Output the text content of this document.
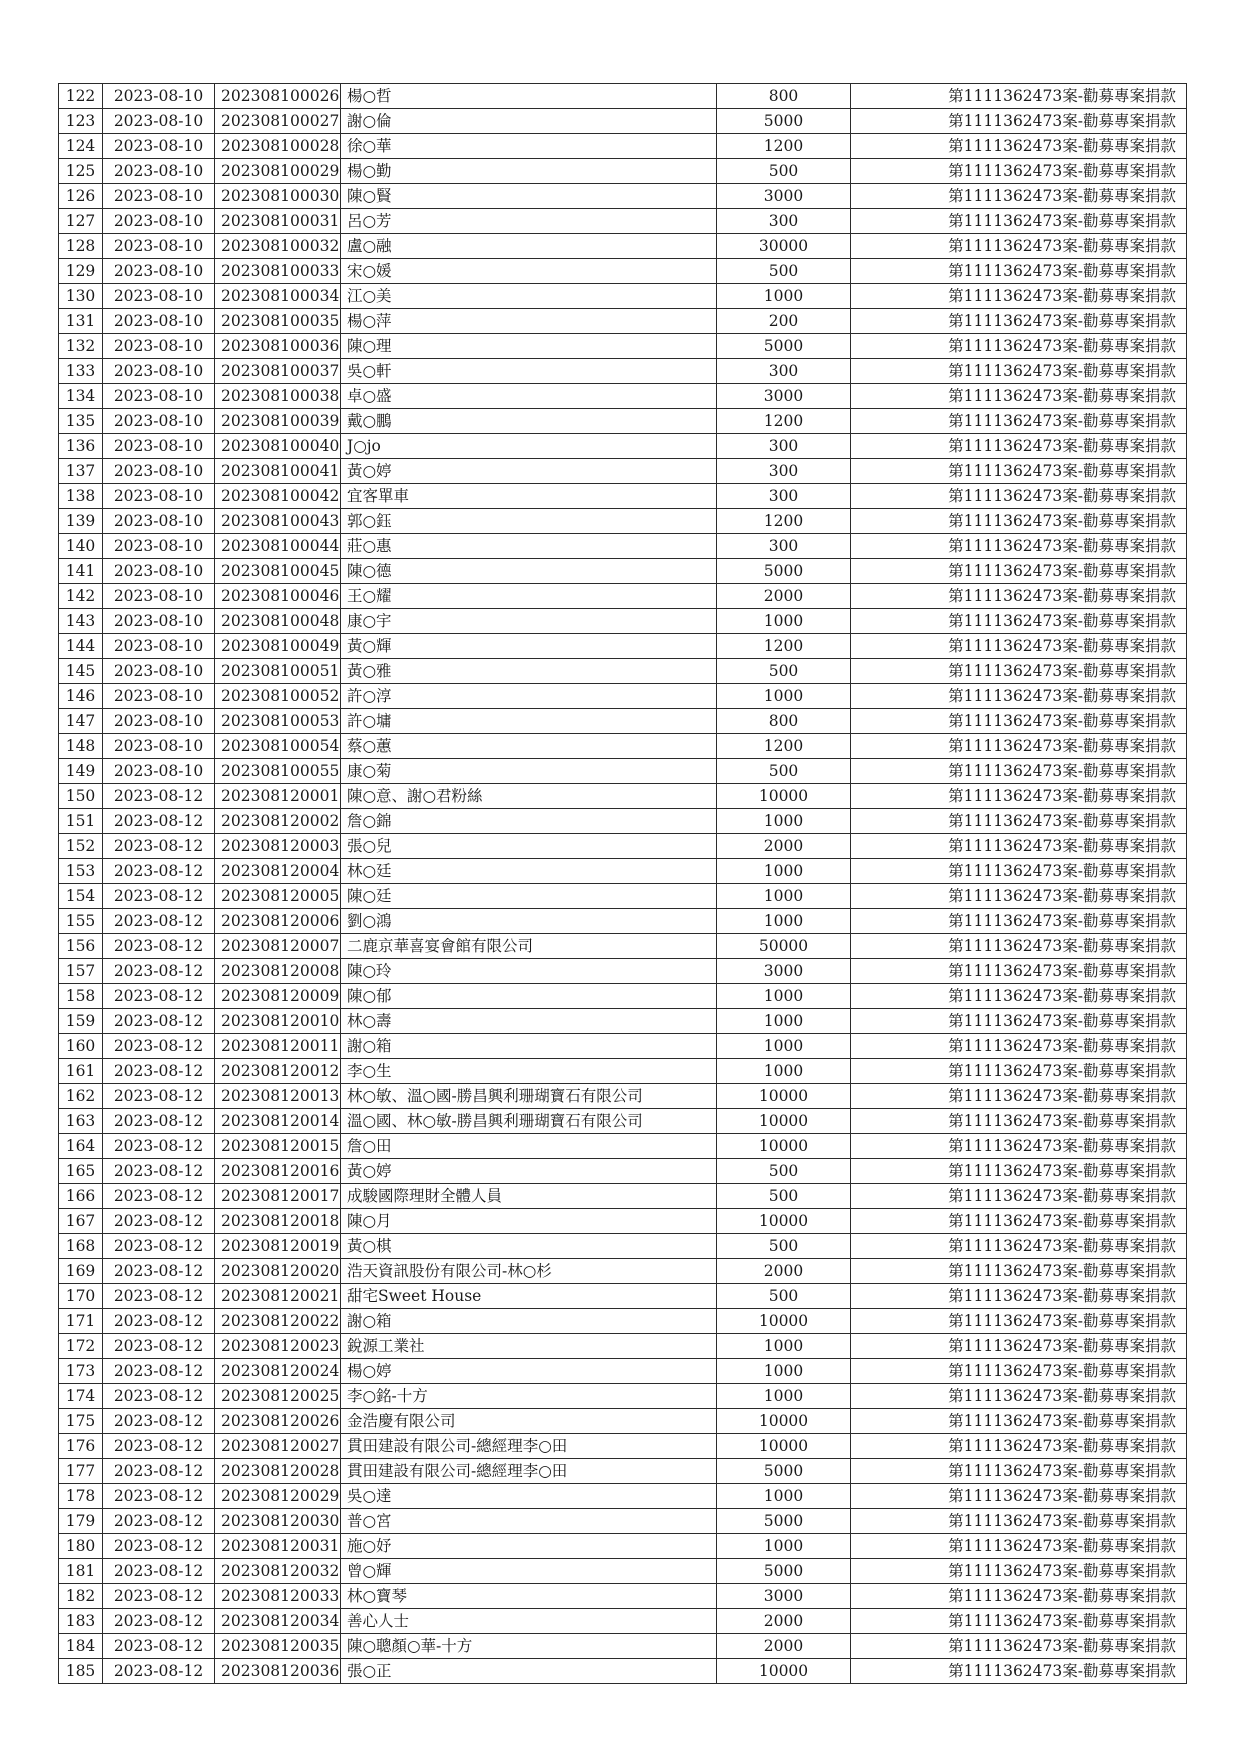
122	2023-08-10	202308100026	楊○哲	800	第1111362473案-勸募專案捐款
123	2023-08-10	202308100027	謝○倫	5000	第1111362473案-勸募專案捐款
124	2023-08-10	202308100028	徐○華	1200	第1111362473案-勸募專案捐款
125	2023-08-10	202308100029	楊○勤	500	第1111362473案-勸募專案捐款
126	2023-08-10	202308100030	陳○賢	3000	第1111362473案-勸募專案捐款
127	2023-08-10	202308100031	呂○芳	300	第1111362473案-勸募專案捐款
128	2023-08-10	202308100032	盧○融	30000	第1111362473案-勸募專案捐款
129	2023-08-10	202308100033	宋○媛	500	第1111362473案-勸募專案捐款
130	2023-08-10	202308100034	江○美	1000	第1111362473案-勸募專案捐款
131	2023-08-10	202308100035	楊○萍	200	第1111362473案-勸募專案捐款
132	2023-08-10	202308100036	陳○理	5000	第1111362473案-勸募專案捐款
133	2023-08-10	202308100037	吳○軒	300	第1111362473案-勸募專案捐款
134	2023-08-10	202308100038	卓○盛	3000	第1111362473案-勸募專案捐款
135	2023-08-10	202308100039	戴○鵬	1200	第1111362473案-勸募專案捐款
136	2023-08-10	202308100040	J○jo	300	第1111362473案-勸募專案捐款
137	2023-08-10	202308100041	黃○婷	300	第1111362473案-勸募專案捐款
138	2023-08-10	202308100042	宜客單車	300	第1111362473案-勸募專案捐款
139	2023-08-10	202308100043	郭○鈺	1200	第1111362473案-勸募專案捐款
140	2023-08-10	202308100044	莊○惠	300	第1111362473案-勸募專案捐款
141	2023-08-10	202308100045	陳○德	5000	第1111362473案-勸募專案捐款
142	2023-08-10	202308100046	王○耀	2000	第1111362473案-勸募專案捐款
143	2023-08-10	202308100048	康○宇	1000	第1111362473案-勸募專案捐款
144	2023-08-10	202308100049	黃○輝	1200	第1111362473案-勸募專案捐款
145	2023-08-10	202308100051	黃○雅	500	第1111362473案-勸募專案捐款
146	2023-08-10	202308100052	許○淳	1000	第1111362473案-勸募專案捐款
147	2023-08-10	202308100053	許○墉	800	第1111362473案-勸募專案捐款
148	2023-08-10	202308100054	蔡○蕙	1200	第1111362473案-勸募專案捐款
149	2023-08-10	202308100055	康○菊	500	第1111362473案-勸募專案捐款
150	2023-08-12	202308120001	陳○意、謝○君粉絲	10000	第1111362473案-勸募專案捐款
151	2023-08-12	202308120002	詹○錦	1000	第1111362473案-勸募專案捐款
152	2023-08-12	202308120003	張○兒	2000	第1111362473案-勸募專案捐款
153	2023-08-12	202308120004	林○廷	1000	第1111362473案-勸募專案捐款
154	2023-08-12	202308120005	陳○廷	1000	第1111362473案-勸募專案捐款
155	2023-08-12	202308120006	劉○鴻	1000	第1111362473案-勸募專案捐款
156	2023-08-12	202308120007	二鹿京華喜宴會館有限公司	50000	第1111362473案-勸募專案捐款
157	2023-08-12	202308120008	陳○玲	3000	第1111362473案-勸募專案捐款
158	2023-08-12	202308120009	陳○郁	1000	第1111362473案-勸募專案捐款
159	2023-08-12	202308120010	林○壽	1000	第1111362473案-勸募專案捐款
160	2023-08-12	202308120011	謝○箱	1000	第1111362473案-勸募專案捐款
161	2023-08-12	202308120012	李○生	1000	第1111362473案-勸募專案捐款
162	2023-08-12	202308120013	林○敏、溫○國-勝昌興利珊瑚寶石有限公司	10000	第1111362473案-勸募專案捐款
163	2023-08-12	202308120014	溫○國、林○敏-勝昌興利珊瑚寶石有限公司	10000	第1111362473案-勸募專案捐款
164	2023-08-12	202308120015	詹○田	10000	第1111362473案-勸募專案捐款
165	2023-08-12	202308120016	黃○婷	500	第1111362473案-勸募專案捐款
166	2023-08-12	202308120017	成駿國際理財全體人員	500	第1111362473案-勸募專案捐款
167	2023-08-12	202308120018	陳○月	10000	第1111362473案-勸募專案捐款
168	2023-08-12	202308120019	黃○棋	500	第1111362473案-勸募專案捐款
169	2023-08-12	202308120020	浩天資訊股份有限公司-林○杉	2000	第1111362473案-勸募專案捐款
170	2023-08-12	202308120021	甜宅Sweet House	500	第1111362473案-勸募專案捐款
171	2023-08-12	202308120022	謝○箱	10000	第1111362473案-勸募專案捐款
172	2023-08-12	202308120023	銳源工業社	1000	第1111362473案-勸募專案捐款
173	2023-08-12	202308120024	楊○婷	1000	第1111362473案-勸募專案捐款
174	2023-08-12	202308120025	李○銘-十方	1000	第1111362473案-勸募專案捐款
175	2023-08-12	202308120026	金浩慶有限公司	10000	第1111362473案-勸募專案捐款
176	2023-08-12	202308120027	貫田建設有限公司-總經理李○田	10000	第1111362473案-勸募專案捐款
177	2023-08-12	202308120028	貫田建設有限公司-總經理李○田	5000	第1111362473案-勸募專案捐款
178	2023-08-12	202308120029	吳○達	1000	第1111362473案-勸募專案捐款
179	2023-08-12	202308120030	普○宮	5000	第1111362473案-勸募專案捐款
180	2023-08-12	202308120031	施○妤	1000	第1111362473案-勸募專案捐款
181	2023-08-12	202308120032	曾○輝	5000	第1111362473案-勸募專案捐款
182	2023-08-12	202308120033	林○寶琴	3000	第1111362473案-勸募專案捐款
183	2023-08-12	202308120034	善心人士	2000	第1111362473案-勸募專案捐款
184	2023-08-12	202308120035	陳○聰顏○華-十方	2000	第1111362473案-勸募專案捐款
185	2023-08-12	202308120036	張○正	10000	第1111362473案-勸募專案捐款
